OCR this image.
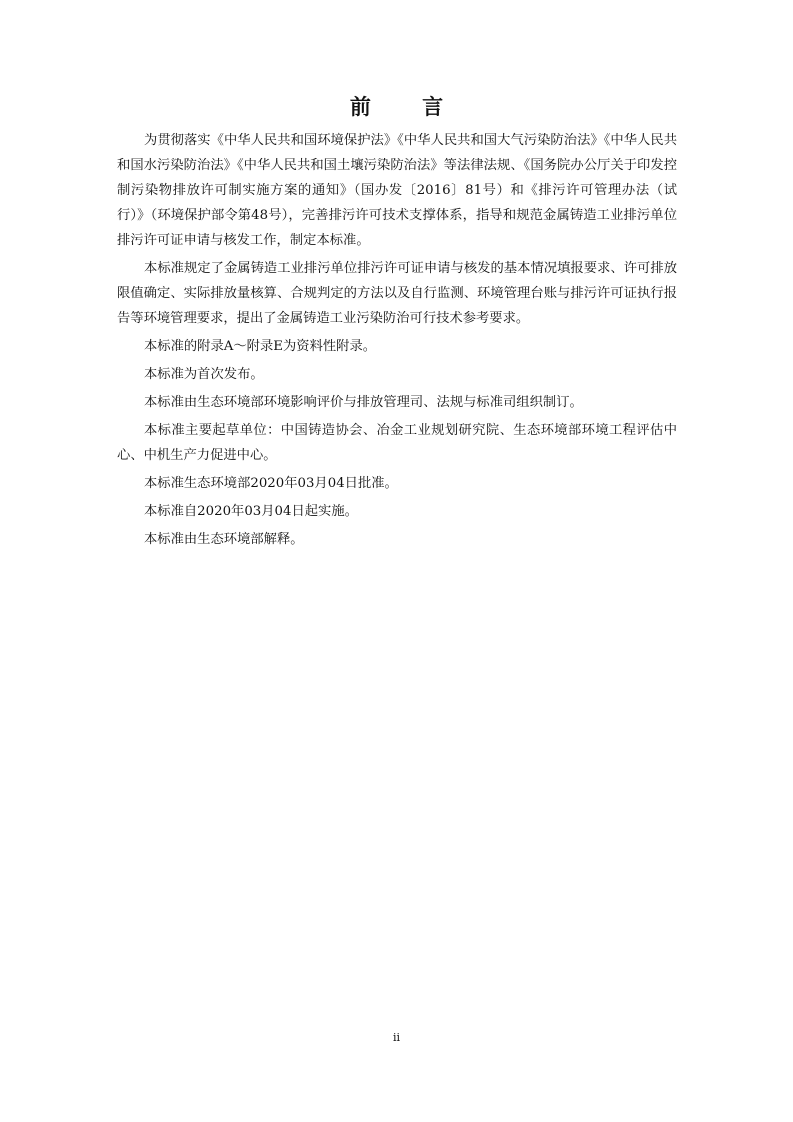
前 言

为贯彻落实《中华人民共和国环境保护法》《中华人民共和国大气污染防治法》《中华人民共和国水污染防治法》《中华人民共和国土壤污染防治法》等法律法规、《国务院办公厅关于印发控制污染物排放许可制实施方案的通知》（国办发〔2016〕81号）和《排污许可管理办法（试行）》（环境保护部令第48号），完善排污许可技术支撑体系，指导和规范金属铸造工业排污单位排污许可证申请与核发工作，制定本标准。

本标准规定了金属铸造工业排污单位排污许可证申请与核发的基本情况填报要求、许可排放限值确定、实际排放量核算、合规判定的方法以及自行监测、环境管理台账与排污许可证执行报告等环境管理要求，提出了金属铸造工业污染防治可行技术参考要求。

本标准的附录A～附录E为资料性附录。

本标准为首次发布。

本标准由生态环境部环境影响评价与排放管理司、法规与标准司组织制订。

本标准主要起草单位：中国铸造协会、冶金工业规划研究院、生态环境部环境工程评估中心、中机生产力促进中心。

本标准生态环境部2020年03月04日批准。

本标准自2020年03月04日起实施。

本标准由生态环境部解释。

ii
